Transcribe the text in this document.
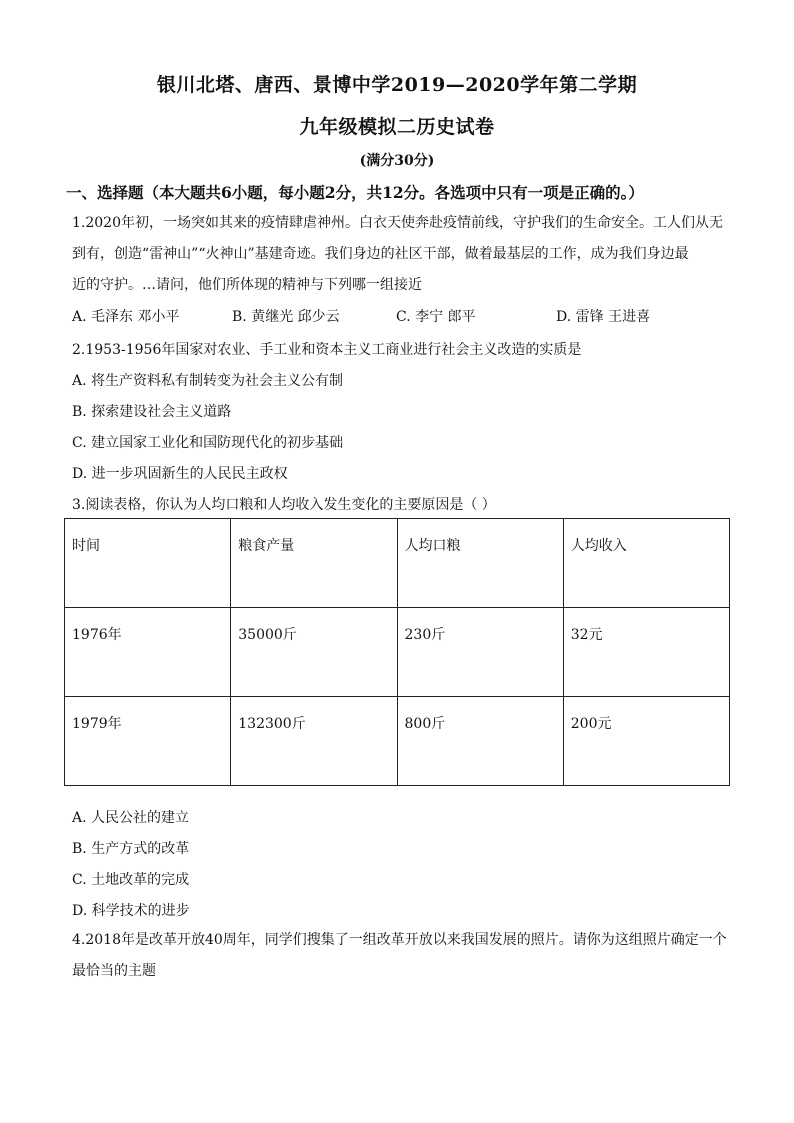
银川北塔、唐西、景博中学2019—2020学年第二学期
九年级模拟二历史试卷
(满分30分)
一、选择题（本大题共6小题，每小题2分，共12分。各选项中只有一项是正确的。）
1.2020年初，一场突如其来的疫情肆虐神州。白衣天使奔赴疫情前线，守护我们的生命安全。工人们从无
到有，创造“雷神山”“火神山”基建奇迹。我们身边的社区干部，做着最基层的工作，成为我们身边最
近的守护。…请问，他们所体现的精神与下列哪一组接近
A. 毛泽东 邓小平	B. 黄继光 邱少云	C. 李宁 郎平	D. 雷锋 王进喜
2.1953-1956年国家对农业、手工业和资本主义工商业进行社会主义改造的实质是
A. 将生产资料私有制转变为社会主义公有制
B. 探索建设社会主义道路
C. 建立国家工业化和国防现代化的初步基础
D. 进一步巩固新生的人民民主政权
3.阅读表格，你认为人均口粮和人均收入发生变化的主要原因是（ ）
时间	粮食产量	人均口粮	人均收入
1976年	35000斤	230斤	32元
1979年	132300斤	800斤	200元
A. 人民公社的建立
B. 生产方式的改革
C. 土地改革的完成
D. 科学技术的进步
4.2018年是改革开放40周年，同学们搜集了一组改革开放以来我国发展的照片。请你为这组照片确定一个
最恰当的主题
